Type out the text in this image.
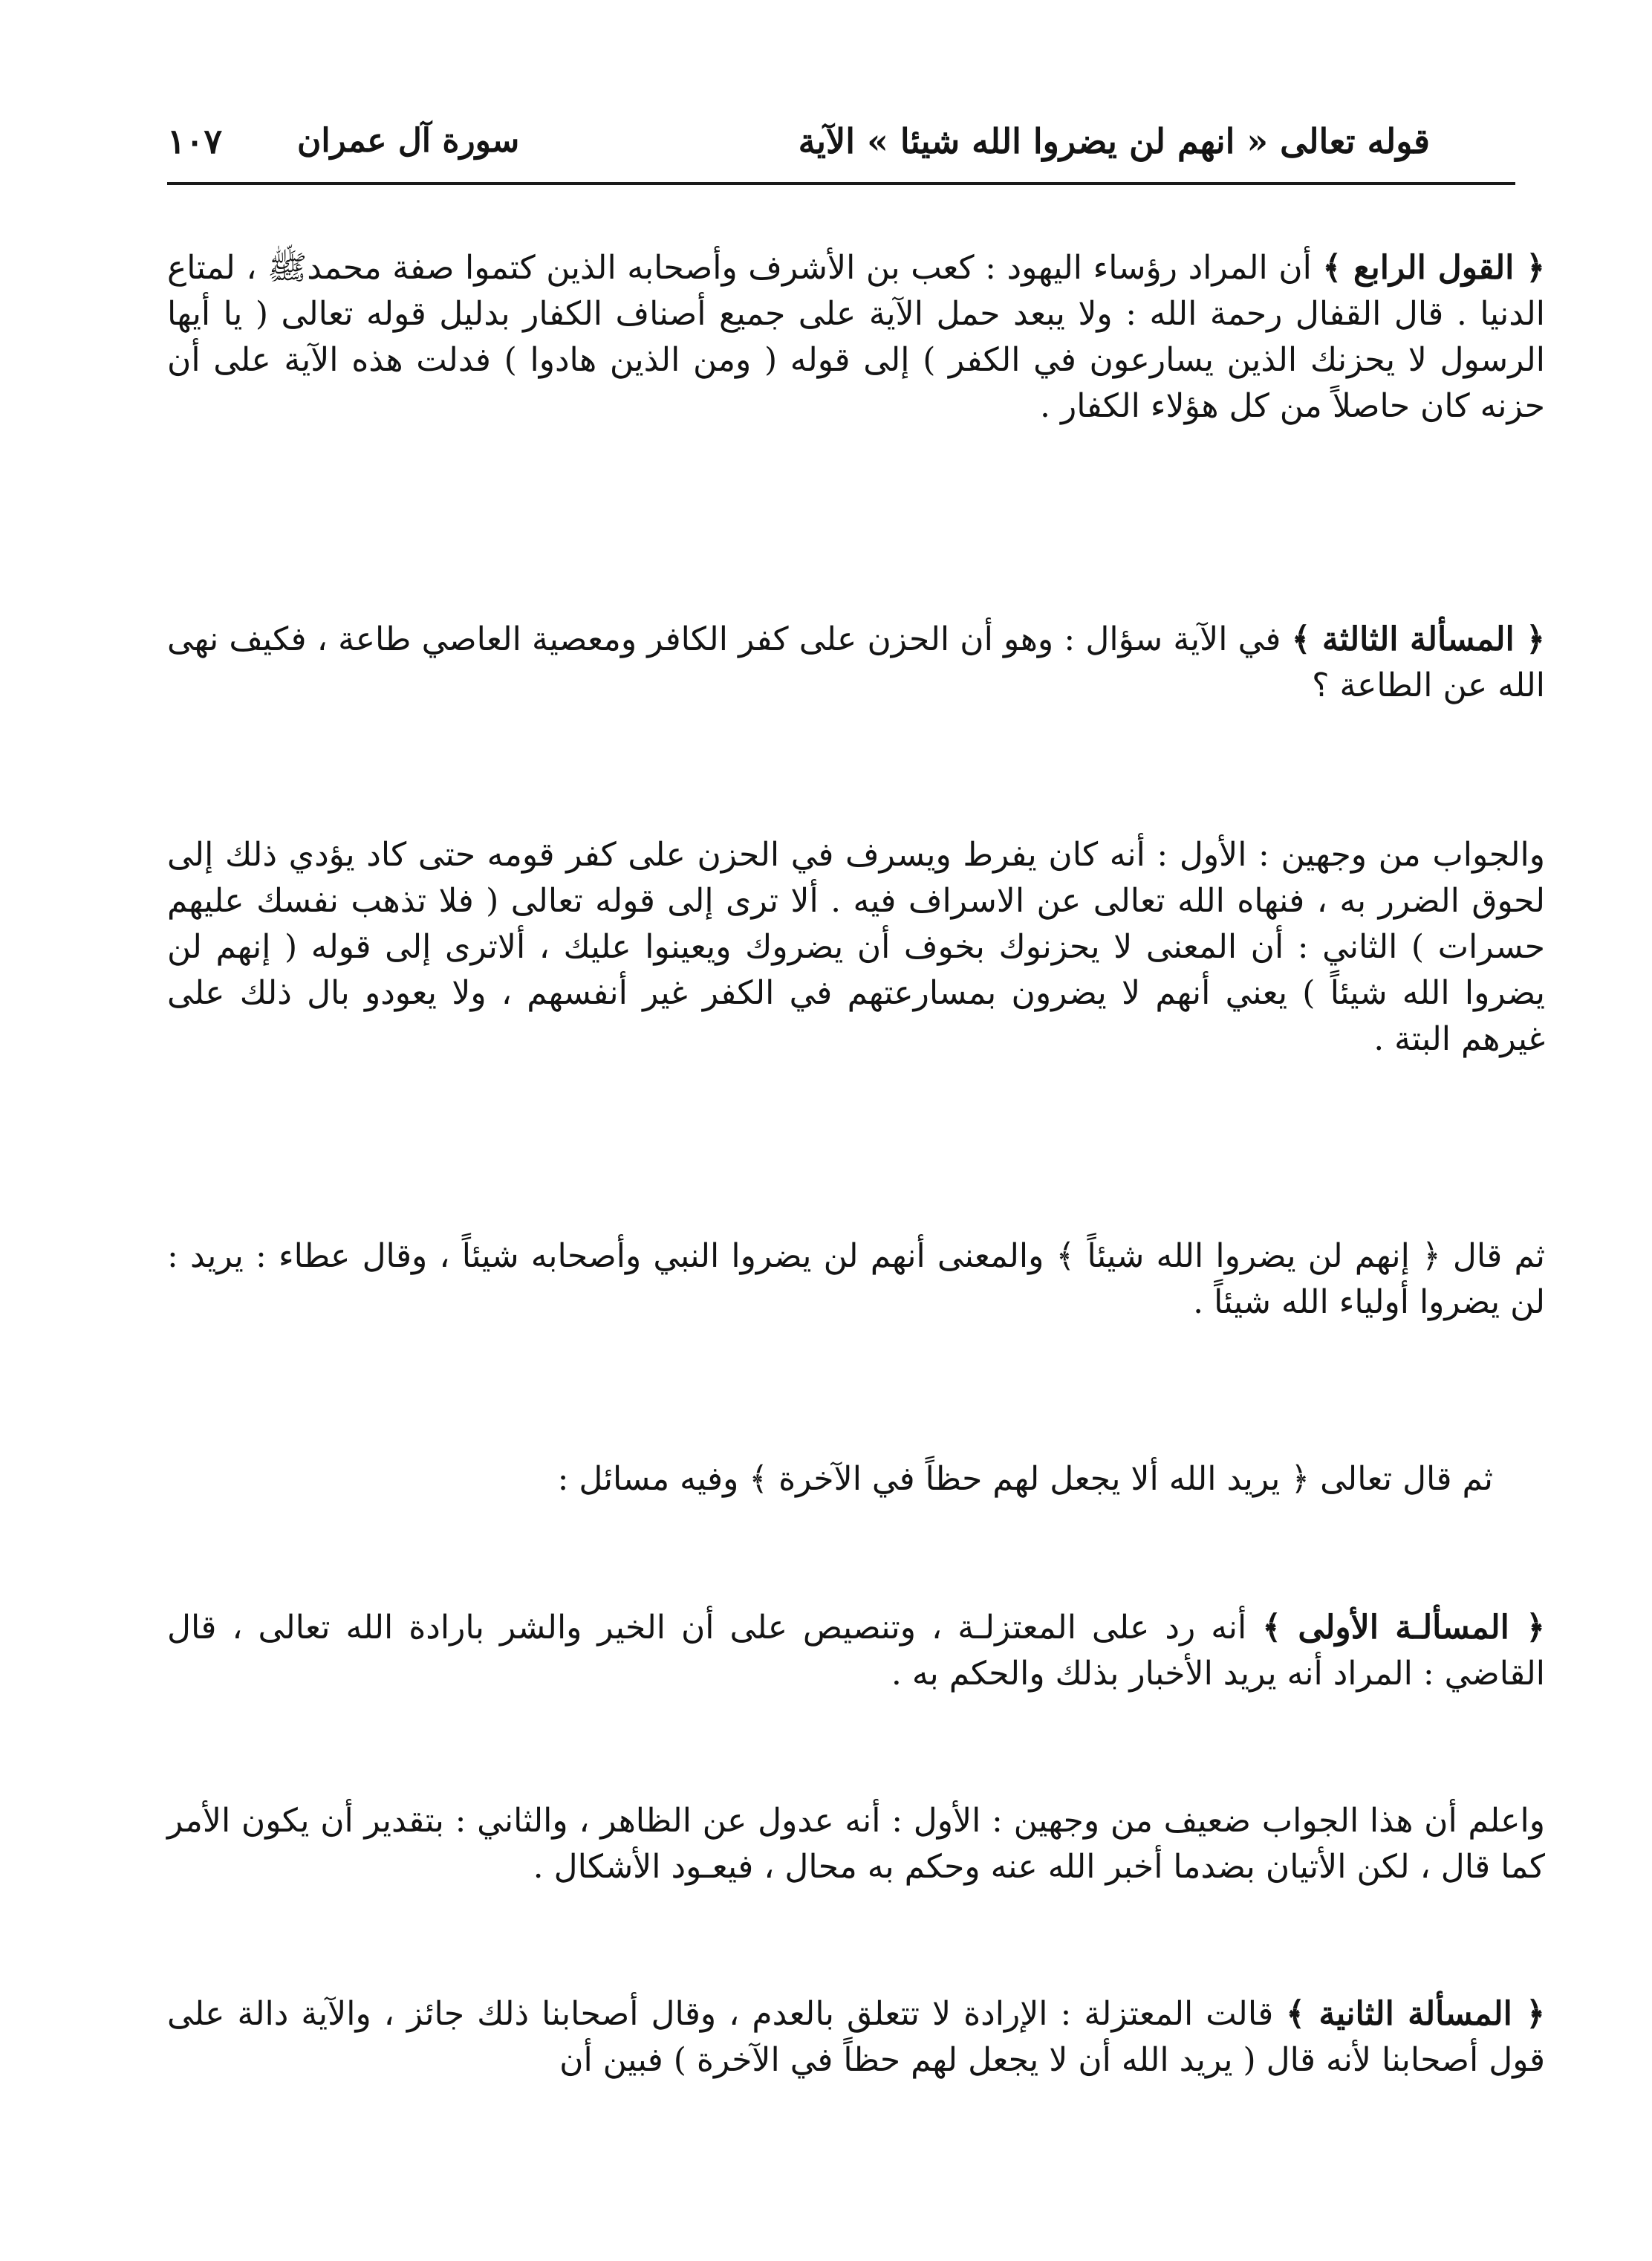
قوله تعالى « انهم لن يضروا الله شيئا » الآية
سورة آل عمران
١٠٧

﴿ القول الرابع ﴾ أن المراد رؤساء اليهود : كعب بن الأشرف وأصحابه الذين كتموا صفة محمدﷺ ، لمتاع الدنيا . قال القفال رحمة الله : ولا يبعد حمل الآية على جميع أصناف الكفار بدليل قوله تعالى ( يا أيها الرسول لا يحزنك الذين يسارعون في الكفر ) إلى قوله ( ومن الذين هادوا ) فدلت هذه الآية على أن حزنه كان حاصلاً من كل هؤلاء الكفار .

﴿ المسألة الثالثة ﴾ في الآية سؤال : وهو أن الحزن على كفر الكافر ومعصية العاصي طاعة ، فكيف نهى الله عن الطاعة ؟

والجواب من وجهين : الأول : أنه كان يفرط ويسرف في الحزن على كفر قومه حتى كاد يؤدي ذلك إلى لحوق الضرر به ، فنهاه الله تعالى عن الاسراف فيه . ألا ترى إلى قوله تعالى ( فلا تذهب نفسك عليهم حسرات ) الثاني : أن المعنى لا يحزنوك بخوف أن يضروك ويعينوا عليك ، ألاترى إلى قوله ( إنهم لن يضروا الله شيئاً ) يعني أنهم لا يضرون بمسارعتهم في الكفر غير أنفسهم ، ولا يعودو بال ذلك على غيرهم البتة .

ثم قال ﴿ إنهم لن يضروا الله شيئاً ﴾ والمعنى أنهم لن يضروا النبي وأصحابه شيئاً ، وقال عطاء : يريد : لن يضروا أولياء الله شيئاً .

ثم قال تعالى ﴿ يريد الله ألا يجعل لهم حظاً في الآخرة ﴾ وفيه مسائل :

﴿ المسألـة الأولى ﴾ أنه رد على المعتزلـة ، وتنصيص على أن الخير والشر بارادة الله تعالى ، قال القاضي : المراد أنه يريد الأخبار بذلك والحكم به .

واعلم أن هذا الجواب ضعيف من وجهين : الأول : أنه عدول عن الظاهر ، والثاني : بتقدير أن يكون الأمر كما قال ، لكن الأتيان بضدما أخبر الله عنه وحكم به محال ، فيعـود الأشكال .

﴿ المسألة الثانية ﴾ قالت المعتزلة : الإرادة لا تتعلق بالعدم ، وقال أصحابنا ذلك جائز ، والآية دالة على قول أصحابنا لأنه قال ( يريد الله أن لا يجعل لهم حظاً في الآخرة ) فبين أن
